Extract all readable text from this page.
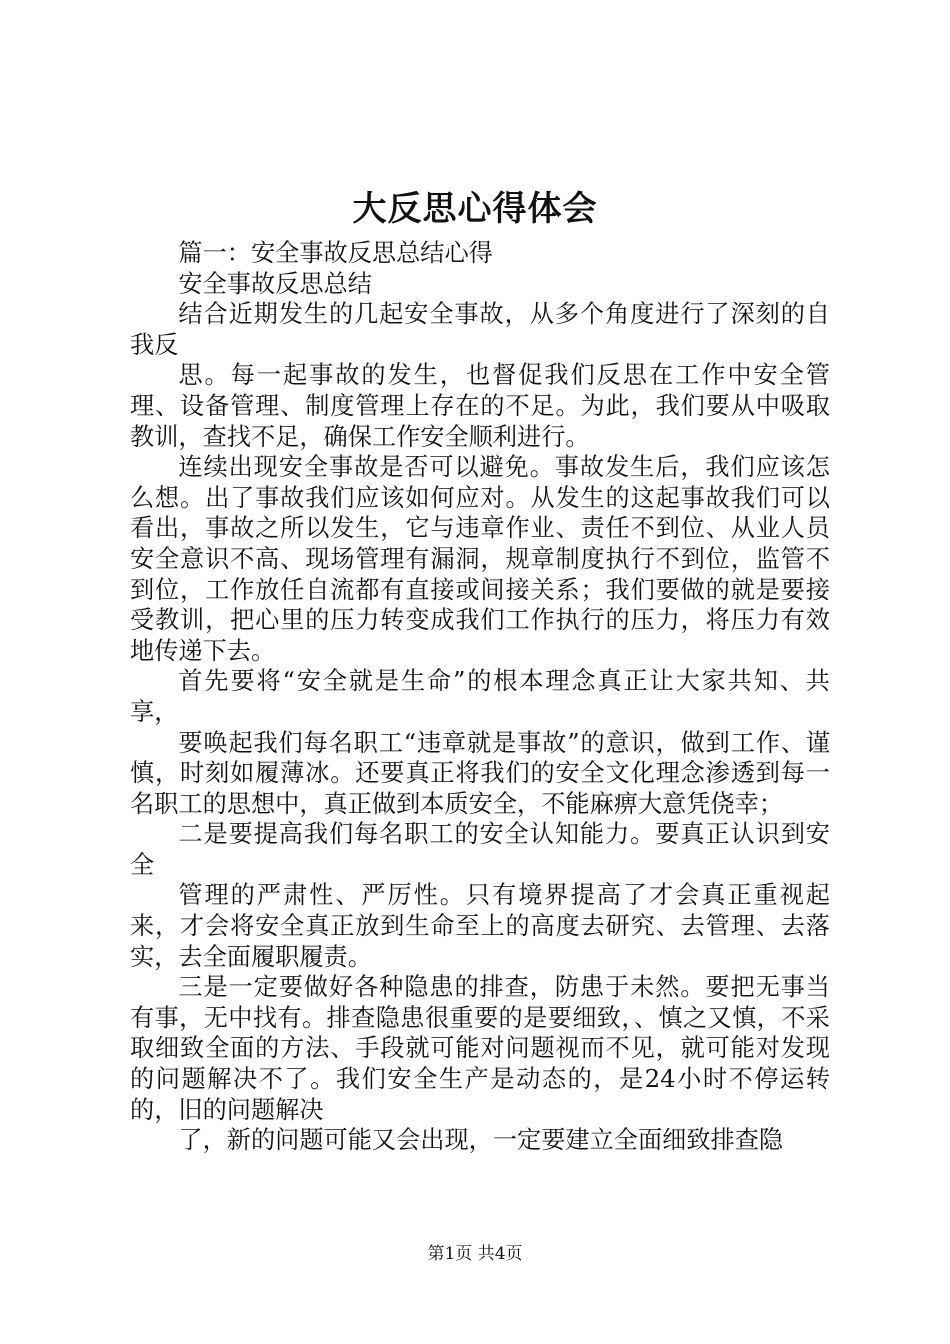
大反思心得体会

篇一：安全事故反思总结心得

安全事故反思总结

结合近期发生的几起安全事故，从多个角度进行了深刻的自我反

思。每一起事故的发生，也督促我们反思在工作中安全管理、设备管理、制度管理上存在的不足。为此，我们要从中吸取教训，查找不足，确保工作安全顺利进行。

连续出现安全事故是否可以避免。事故发生后，我们应该怎么想。出了事故我们应该如何应对。从发生的这起事故我们可以看出，事故之所以发生，它与违章作业、责任不到位、从业人员安全意识不高、现场管理有漏洞，规章制度执行不到位，监管不到位，工作放任自流都有直接或间接关系；我们要做的就是要接受教训，把心里的压力转变成我们工作执行的压力，将压力有效地传递下去。

首先要将“安全就是生命”的根本理念真正让大家共知、共享，

要唤起我们每名职工“违章就是事故”的意识，做到工作、谨慎，时刻如履薄冰。还要真正将我们的安全文化理念渗透到每一名职工的思想中，真正做到本质安全，不能麻痹大意凭侥幸；

二是要提高我们每名职工的安全认知能力。要真正认识到安全

管理的严肃性、严厉性。只有境界提高了才会真正重视起来，才会将安全真正放到生命至上的高度去研究、去管理、去落实，去全面履职履责。

三是一定要做好各种隐患的排查，防患于未然。要把无事当有事，无中找有。排查隐患很重要的是要细致，、慎之又慎，不采取细致全面的方法、手段就可能对问题视而不见，就可能对发现的问题解决不了。我们安全生产是动态的，是24小时不停运转的，旧的问题解决

了，新的问题可能又会出现，一定要建立全面细致排查隐

第1页 共4页
